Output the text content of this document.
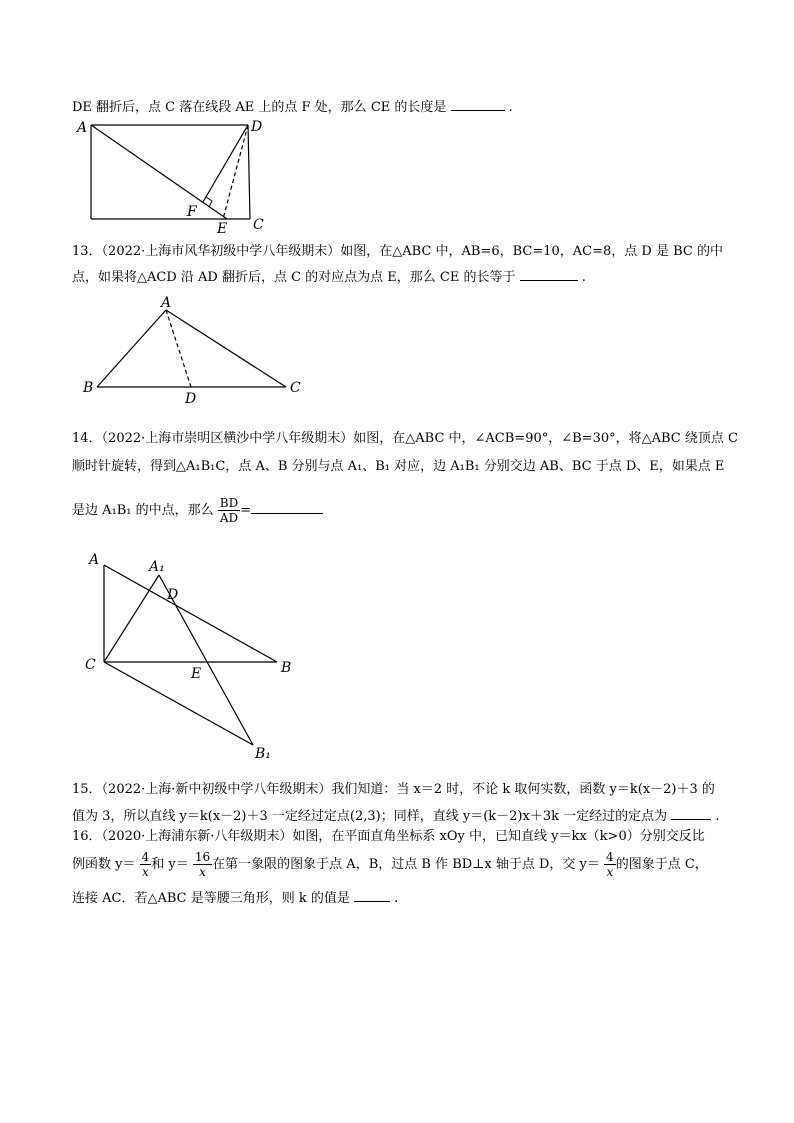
DE 翻折后，点 C 落在线段 AE 上的点 F 处，那么 CE 的长度是	.
A	D
F
E C
13．（2022·上海市风华初级中学八年级期末）如图，在△ABC 中，AB=6，BC=10，AC=8，点 D 是 BC 的中
点，如果将△ACD 沿 AD 翻折后，点 C 的对应点为点 E，那么 CE 的长等于	.
A
B	C
D
14．（2022·上海市崇明区横沙中学八年级期末）如图，在△ABC 中，∠ACB=90°，∠B=30°，将△ABC 绕顶点 C
顺时针旋转，得到△A₁B₁C，点 A、B 分别与点 A₁、B₁ 对应，边 A₁B₁ 分别交边 AB、BC 于点 D、E，如果点 E
是边 A₁B₁ 的中点，那么 $\frac{BD}{AD}$ =
A	A₁
D
C
E	B
B₁
15．（2022·上海·新中初级中学八年级期末）我们知道：当 x＝2 时，不论 k 取何实数，函数 y＝k(x－2)＋3 的
值为 3，所以直线 y＝k(x－2)＋3 一定经过定点(2,3)；同样，直线 y＝(k－2)x＋3k 一定经过的定点为	.
16．（2020·上海浦东新·八年级期末）如图，在平面直角坐标系 xOy 中，已知直线 y＝kx（k>0）分别交反比
例函数 $y= \frac{4}{x}$ 和 $y= \frac{16}{x}$ 在第一象限的图象于点 A，B，过点 B 作 BD⊥x 轴于点 D，交 $y= \frac{4}{x}$ 的图象于点 C，
连接 AC．若△ABC 是等腰三角形，则 k 的值是	.
